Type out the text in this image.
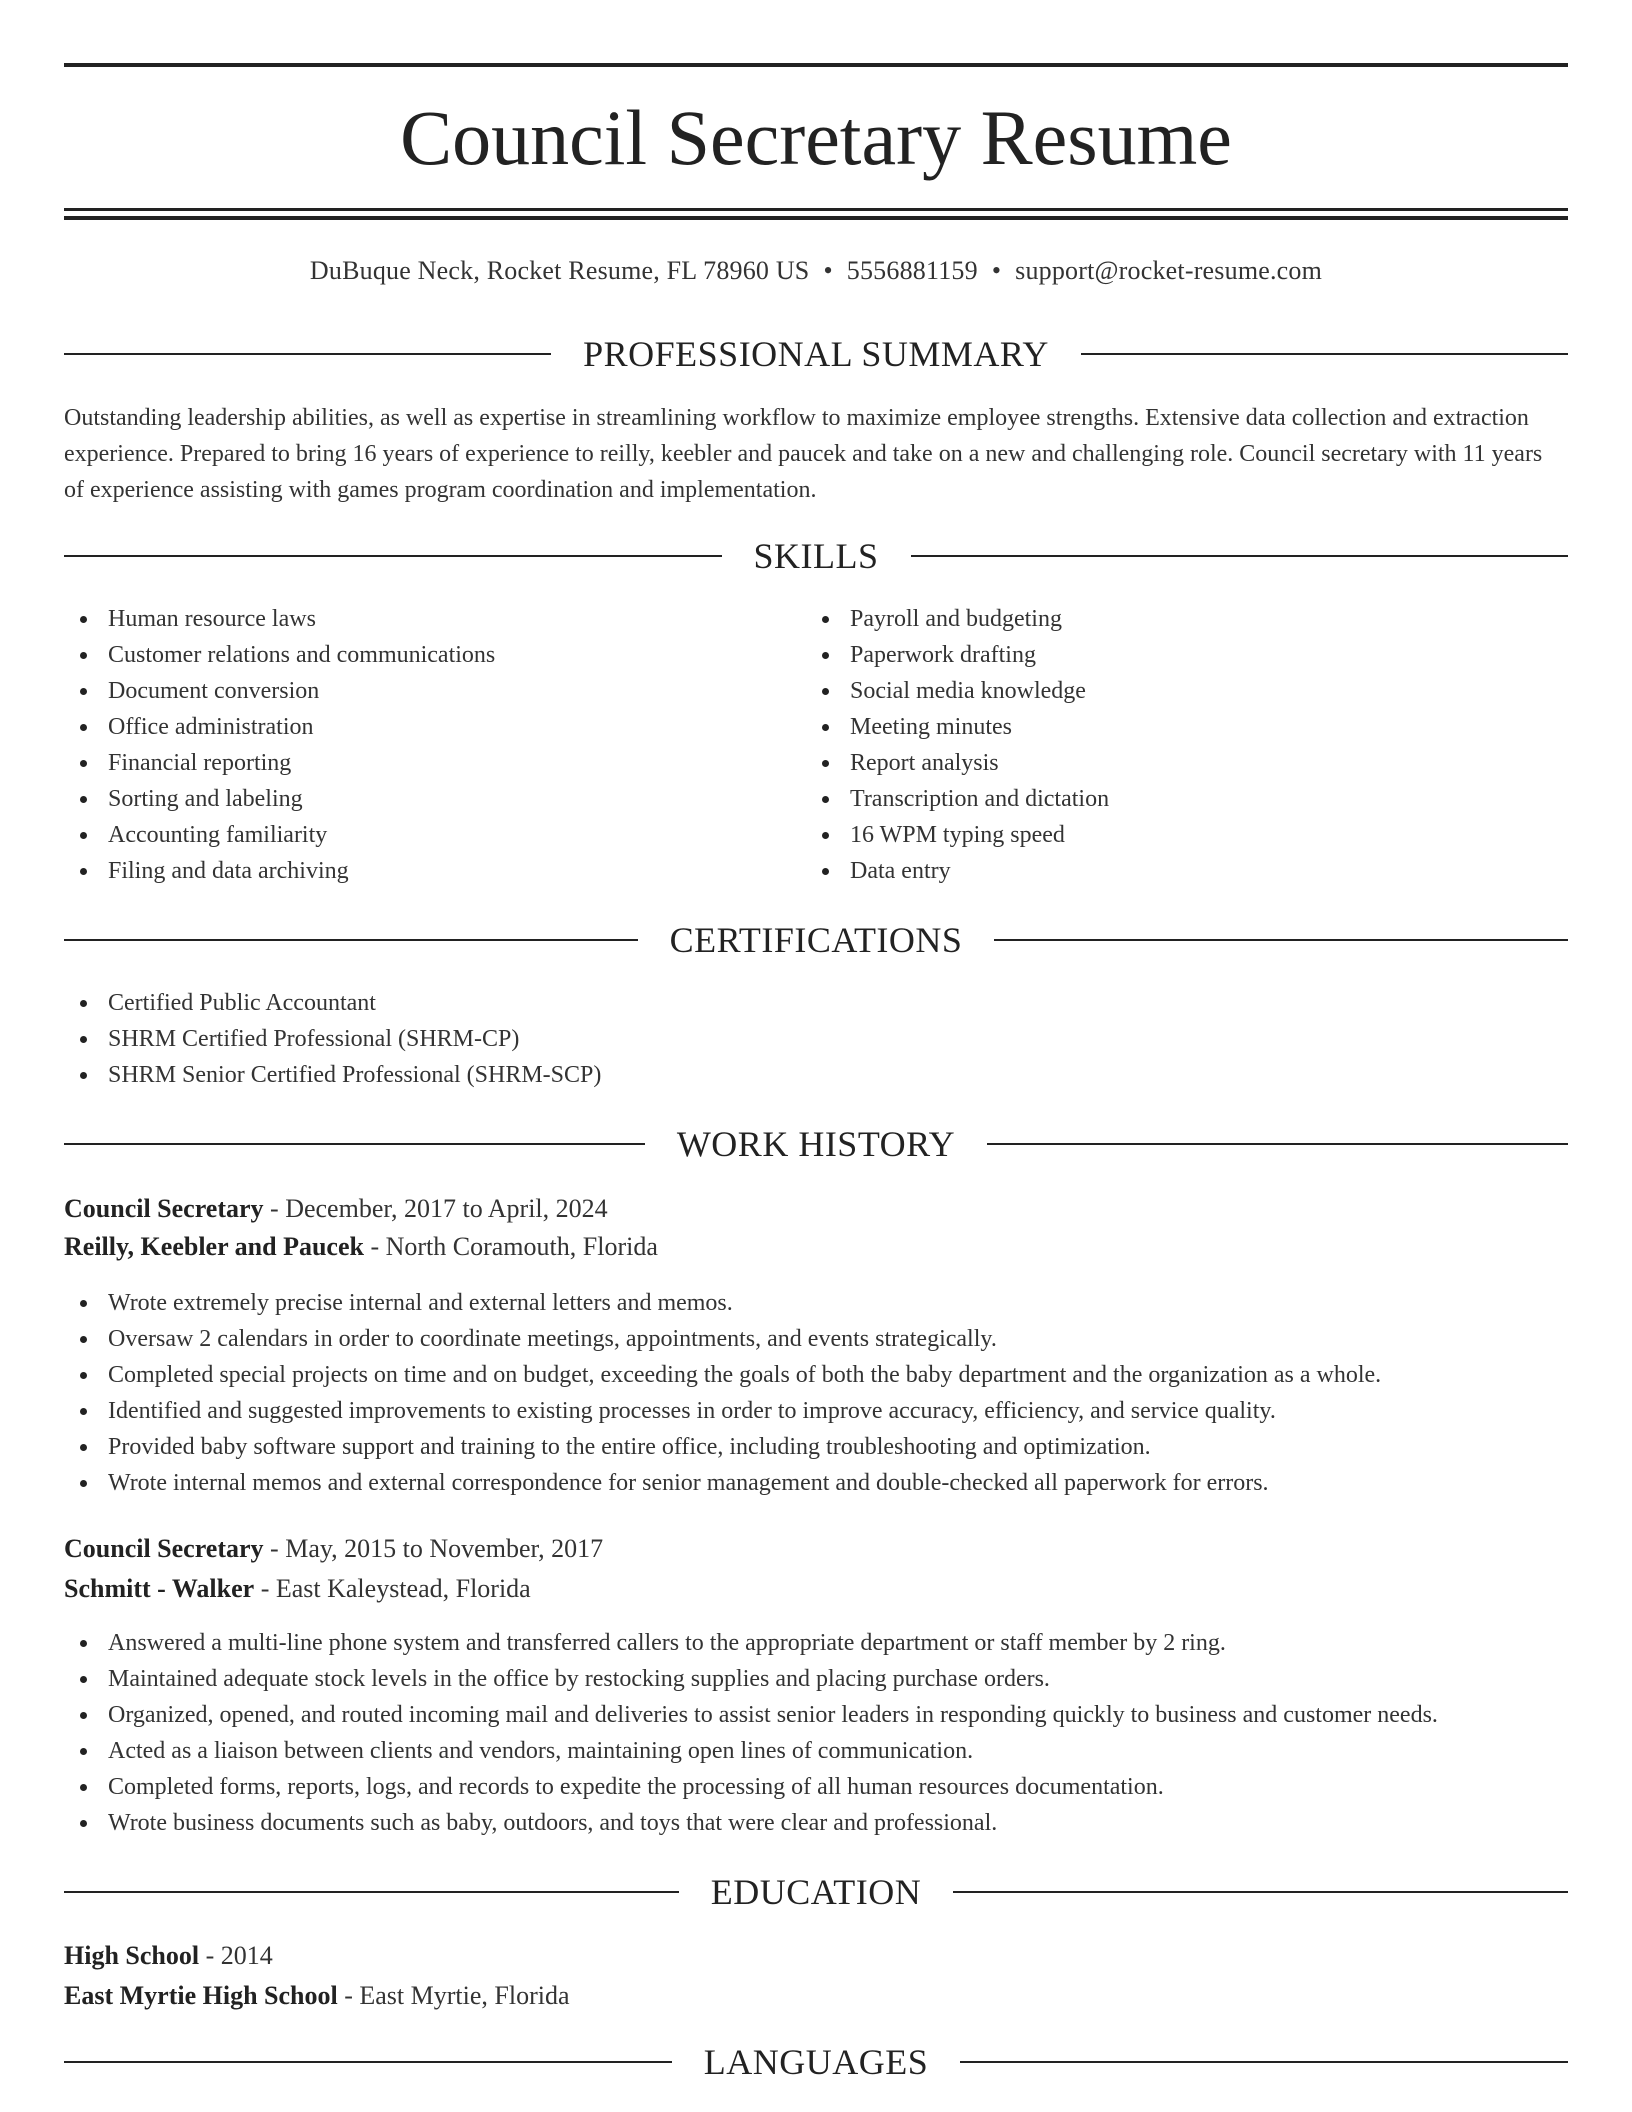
Council Secretary Resume
DuBuque Neck, Rocket Resume, FL 78960 US • 5556881159 • support@rocket-resume.com
PROFESSIONAL SUMMARY

Outstanding leadership abilities, as well as expertise in streamlining workflow to maximize employee strengths. Extensive data collection and extraction experience. Prepared to bring 16 years of experience to reilly, keebler and paucek and take on a new and challenging role. Council secretary with 11 years of experience assisting with games program coordination and implementation.

SKILLS
Human resource laws
Customer relations and communications
Document conversion
Office administration
Financial reporting
Sorting and labeling
Accounting familiarity
Filing and data archiving
Payroll and budgeting
Paperwork drafting
Social media knowledge
Meeting minutes
Report analysis
Transcription and dictation
16 WPM typing speed
Data entry
CERTIFICATIONS
Certified Public Accountant
SHRM Certified Professional (SHRM-CP)
SHRM Senior Certified Professional (SHRM-SCP)
WORK HISTORY
Council Secretary - December, 2017 to April, 2024
Reilly, Keebler and Paucek - North Coramouth, Florida
Wrote extremely precise internal and external letters and memos.
Oversaw 2 calendars in order to coordinate meetings, appointments, and events strategically.
Completed special projects on time and on budget, exceeding the goals of both the baby department and the organization as a whole.
Identified and suggested improvements to existing processes in order to improve accuracy, efficiency, and service quality.
Provided baby software support and training to the entire office, including troubleshooting and optimization.
Wrote internal memos and external correspondence for senior management and double-checked all paperwork for errors.
Council Secretary - May, 2015 to November, 2017
Schmitt - Walker - East Kaleystead, Florida
Answered a multi-line phone system and transferred callers to the appropriate department or staff member by 2 ring.
Maintained adequate stock levels in the office by restocking supplies and placing purchase orders.
Organized, opened, and routed incoming mail and deliveries to assist senior leaders in responding quickly to business and customer needs.
Acted as a liaison between clients and vendors, maintaining open lines of communication.
Completed forms, reports, logs, and records to expedite the processing of all human resources documentation.
Wrote business documents such as baby, outdoors, and toys that were clear and professional.
EDUCATION
High School - 2014
East Myrtie High School - East Myrtie, Florida
LANGUAGES
